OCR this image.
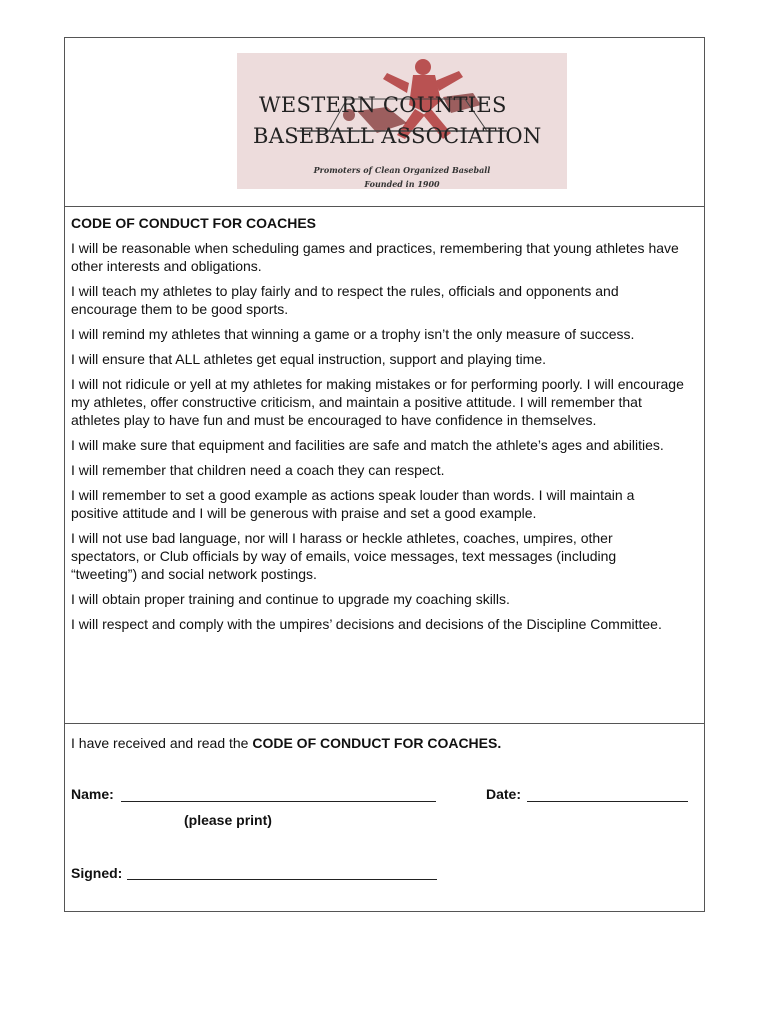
WESTERN COUNTIES
BASEBALL ASSOCIATION
Promoters of Clean Organized Baseball
Founded in 1900
CODE OF CONDUCT FOR COACHES

I will be reasonable when scheduling games and practices, remembering that young athletes have other interests and obligations.

I will teach my athletes to play fairly and to respect the rules, officials and opponents and encourage them to be good sports.

I will remind my athletes that winning a game or a trophy isn’t the only measure of success.

I will ensure that ALL athletes get equal instruction, support and playing time.

I will not ridicule or yell at my athletes for making mistakes or for performing poorly. I will encourage my athletes, offer constructive criticism, and maintain a positive attitude. I will remember that athletes play to have fun and must be encouraged to have confidence in themselves.

I will make sure that equipment and facilities are safe and match the athlete’s ages and abilities.

I will remember that children need a coach they can respect.

I will remember to set a good example as actions speak louder than words. I will maintain a positive attitude and I will be generous with praise and set a good example.

I will not use bad language, nor will I harass or heckle athletes, coaches, umpires, other spectators, or Club officials by way of emails, voice messages, text messages (including “tweeting”) and social network postings.

I will obtain proper training and continue to upgrade my coaching skills.

I will respect and comply with the umpires’ decisions and decisions of the Discipline Committee.

I have received and read the CODE OF CONDUCT FOR COACHES.
Name:
(please print)
Date:
Signed:
